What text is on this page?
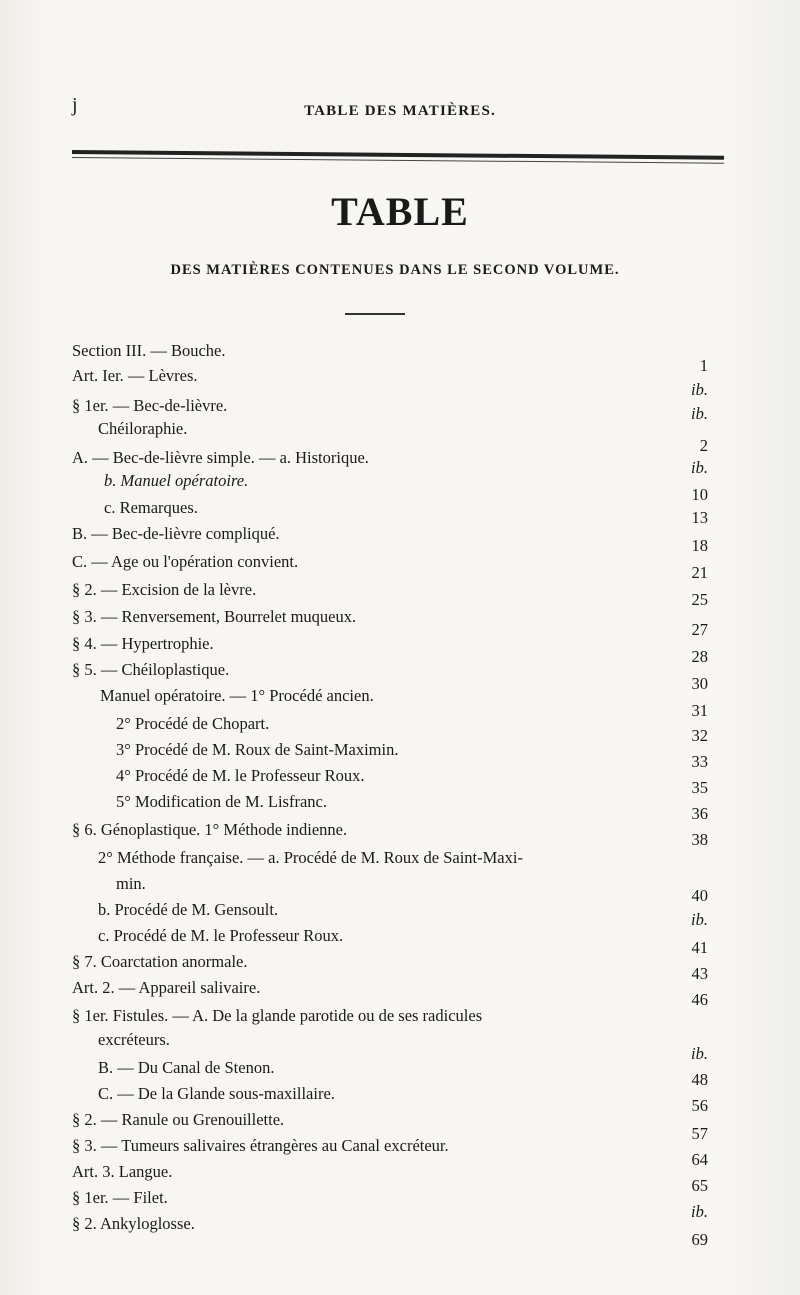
j	TABLE DES MATIÈRES.
TABLE
DES MATIÈRES CONTENUES DANS LE SECOND VOLUME.
Section III. — Bouche.
1
Art. Ier. — Lèvres.
ib.
§ 1er. — Bec-de-lièvre.	ib.
Chéiloraphie.
A. — Bec-de-lièvre simple. — a. Historique.
2
b. Manuel opératoire.
ib.
c. Remarques.
10
B. — Bec-de-lièvre compliqué.
13
C. — Age ou l'opération convient.
18
§ 2. — Excision de la lèvre.
21
§ 3. — Renversement, Bourrelet muqueux.
25
§ 4. — Hypertrophie.
27
§ 5. — Chéiloplastique.
28
Manuel opératoire. — 1° Procédé ancien.
30
2° Procédé de Chopart.
31
3° Procédé de M. Roux de Saint-Maximin.
32
4° Procédé de M. le Professeur Roux.
33
5° Modification de M. Lisfranc.
35
§ 6. Génoplastique. 1° Méthode indienne.
36
2° Méthode française. — a. Procédé de M. Roux de Saint-Maxi-
38
min.
b. Procédé de M. Gensoult.
40
c. Procédé de M. le Professeur Roux.
ib.
§ 7. Coarctation anormale.
41
Art. 2. — Appareil salivaire.
43
§ 1er. Fistules. — A. De la glande parotide ou de ses radicules
46
excréteurs.
B. — Du Canal de Stenon.
ib.
C. — De la Glande sous-maxillaire.
48
§ 2. — Ranule ou Grenouillette.
56
§ 3. — Tumeurs salivaires étrangères au Canal excréteur.
57
Art. 3. Langue.
64
§ 1er. — Filet.
65
§ 2. Ankyloglosse.
ib.
69
